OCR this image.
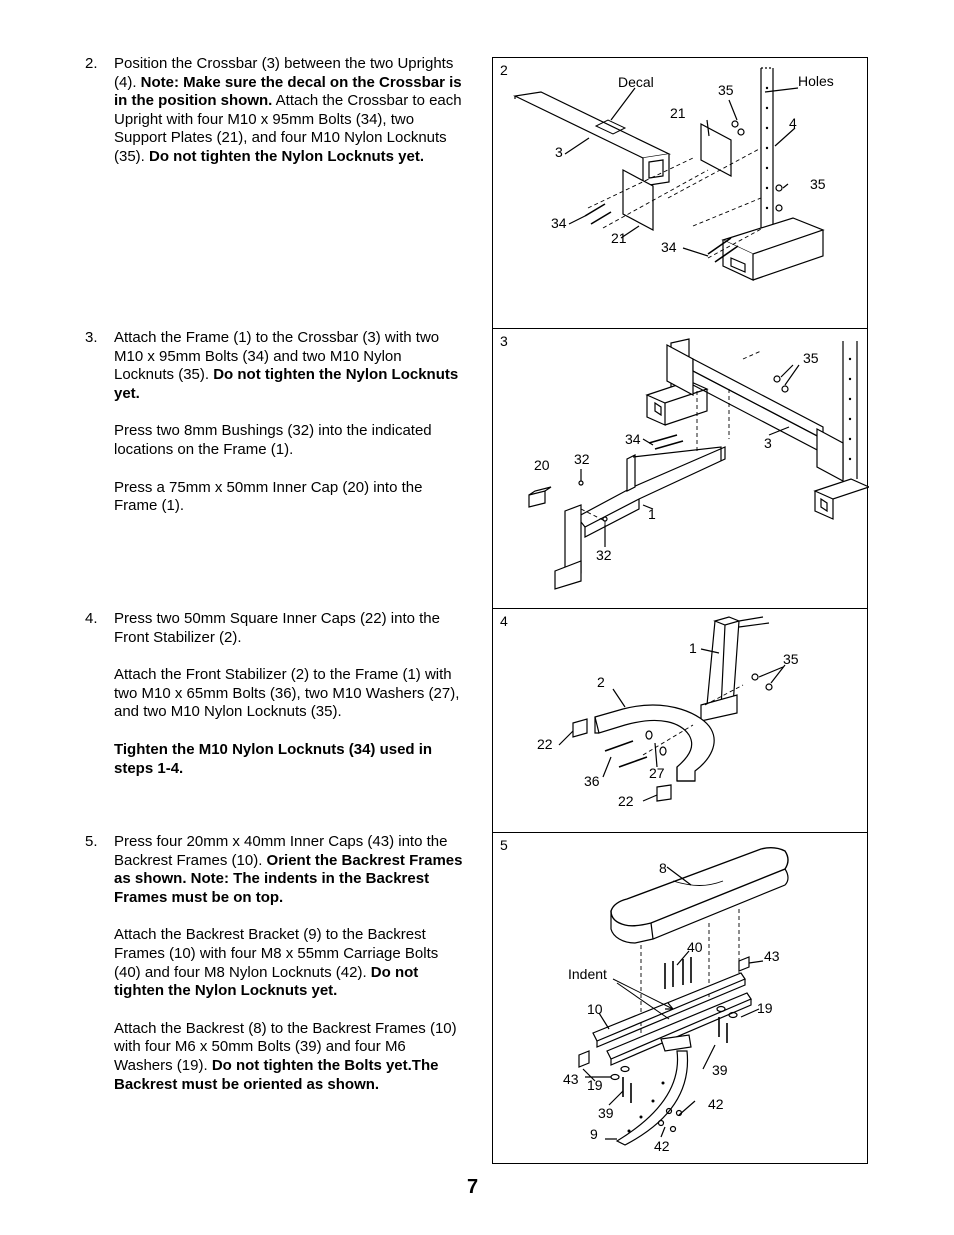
2. Position the Crossbar (3) between the two Uprights (4). Note: Make sure the decal on the Crossbar is in the position shown. Attach the Crossbar to each Upright with four M10 x 95mm Bolts (34), two Support Plates (21), and four M10 Nylon Locknuts (35). Do not tighten the Nylon Locknuts yet.

3. Attach the Frame (1) to the Crossbar (3) with two M10 x 95mm Bolts (34) and two M10 Nylon Locknuts (35). Do not tighten the Nylon Locknuts yet.

Press two 8mm Bushings (32) into the indicated locations on the Frame (1).

Press a 75mm x 50mm Inner Cap (20) into the Frame (1).

4. Press two 50mm Square Inner Caps (22) into the Front Stabilizer (2).

Attach the Front Stabilizer (2) to the Frame (1) with two M10 x 65mm Bolts (36), two M10 Washers (27), and two M10 Nylon Locknuts (35).

Tighten the M10 Nylon Locknuts (34) used in steps 1-4.

5. Press four 20mm x 40mm Inner Caps (43) into the Backrest Frames (10). Orient the Backrest Frames as shown. Note: The indents in the Backrest Frames must be on top.

Attach the Backrest Bracket (9) to the Backrest Frames (10) with four M8 x 55mm Carriage Bolts (40) and four M8 Nylon Locknuts (42). Do not tighten the Nylon Locknuts yet.

Attach the Backrest (8) to the Backrest Frames (10) with four M6 x 50mm Bolts (39) and four M6 Washers (19). Do not tighten the Bolts yet.The Backrest must be oriented as shown.

2
Decal	35
Holes
21
4
3
35
34
21
34
3
35
34	3
20 32
1
32
4
1
35
2
22
36	27
22
5
8
40
43
Indent
10	19
39
43 19
39
42
9
42
7
